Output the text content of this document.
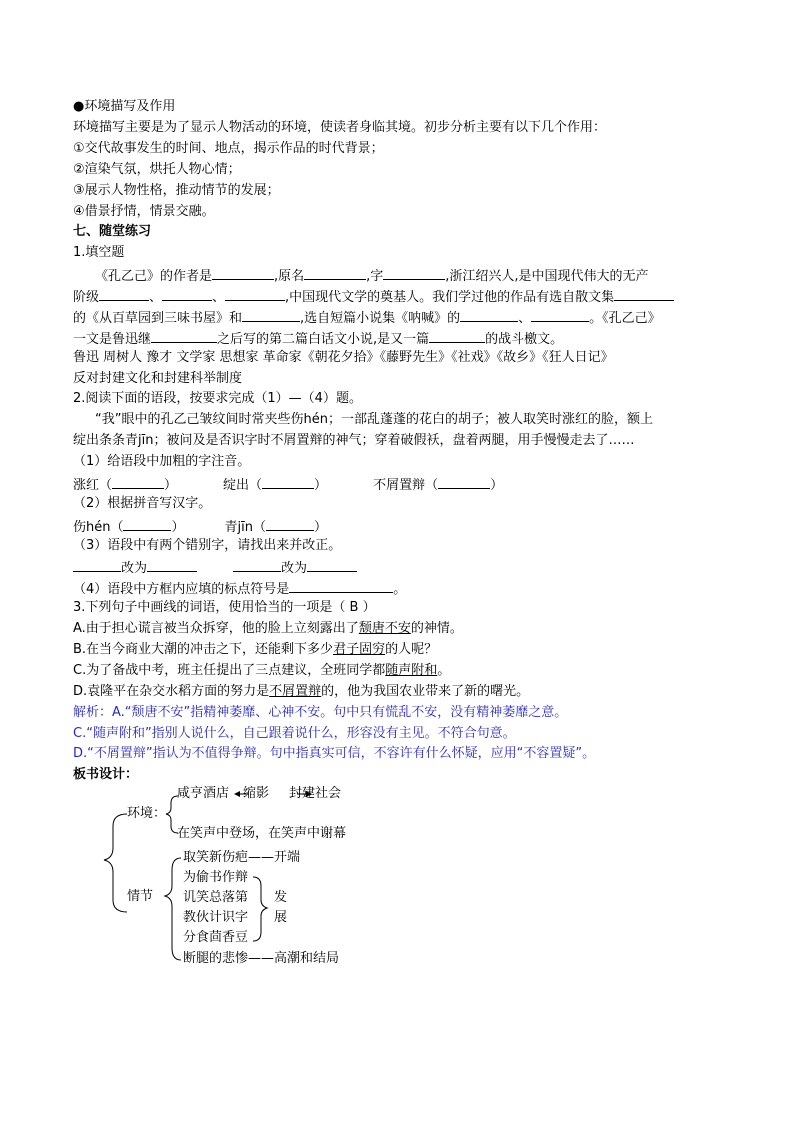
●环境描写及作用
环境描写主要是为了显示人物活动的环境，使读者身临其境。初步分析主要有以下几个作用：
①交代故事发生的时间、地点，揭示作品的时代背景；
②渲染气氛，烘托人物心情；
③展示人物性格，推动情节的发展；
④借景抒情，情景交融。
七、随堂练习
1.填空题
《孔乙己》的作者是	,原名	,字	,浙江绍兴人,是中国现代伟大的无产
阶级	、	、	,中国现代文学的奠基人。我们学过他的作品有选自散文集
的《从百草园到三味书屋》和	,选自短篇小说集《呐喊》的	、	。《孔乙己》
一文是鲁迅继	之后写的第二篇白话文小说,是又一篇	的战斗檄文。
鲁迅 周树人 豫才 文学家 思想家 革命家《朝花夕拾》《藤野先生》《社戏》《故乡》《狂人日记》
反对封建文化和封建科举制度
2.阅读下面的语段，按要求完成（1）—（4）题。
“我”眼中的孔乙己皱纹间时常夹些伤hén；一部乱蓬蓬的花白的胡子；被人取笑时涨红的脸，额上
绽出条条青jīn；被问及是否识字时不屑置辩的神气；穿着破假袄，盘着两腿，用手慢慢走去了……
（1）给语段中加粗的字注音。
涨红（	）	绽出（	）	不屑置辩（	）
（2）根据拼音写汉字。
伤hén（	）	青jīn（	）
（3）语段中有两个错别字，请找出来并改正。
改为	改为
（4）语段中方框内应填的标点符号是	。
3.下列句子中画线的词语，使用恰当的一项是（ B ）
A.由于担心谎言被当众拆穿，他的脸上立刻露出了颓唐不安的神情。
B.在当今商业大潮的冲击之下，还能剩下多少君子固穷的人呢？
C.为了备战中考，班主任提出了三点建议，全班同学都随声附和。
D.袁隆平在杂交水稻方面的努力是不屑置辩的，他为我国农业带来了新的曙光。
解析：A.“颓唐不安”指精神萎靡、心神不安。句中只有慌乱不安，没有精神萎靡之意。
C.“随声附和”指别人说什么，自己跟着说什么，形容没有主见。不符合句意。
D.“不屑置辩”指认为不值得争辩。句中指真实可信，不容许有什么怀疑，应用“不容置疑”。
板书设计：
咸亨酒店 缩影 封建社会
环境：
在笑声中登场，在笑声中谢幕
取笑新伤疤——开端
为偷书作辩
情节 讥笑总落第
教伙计识字
分食茴香豆
断腿的悲惨——高潮和结局
发
展
